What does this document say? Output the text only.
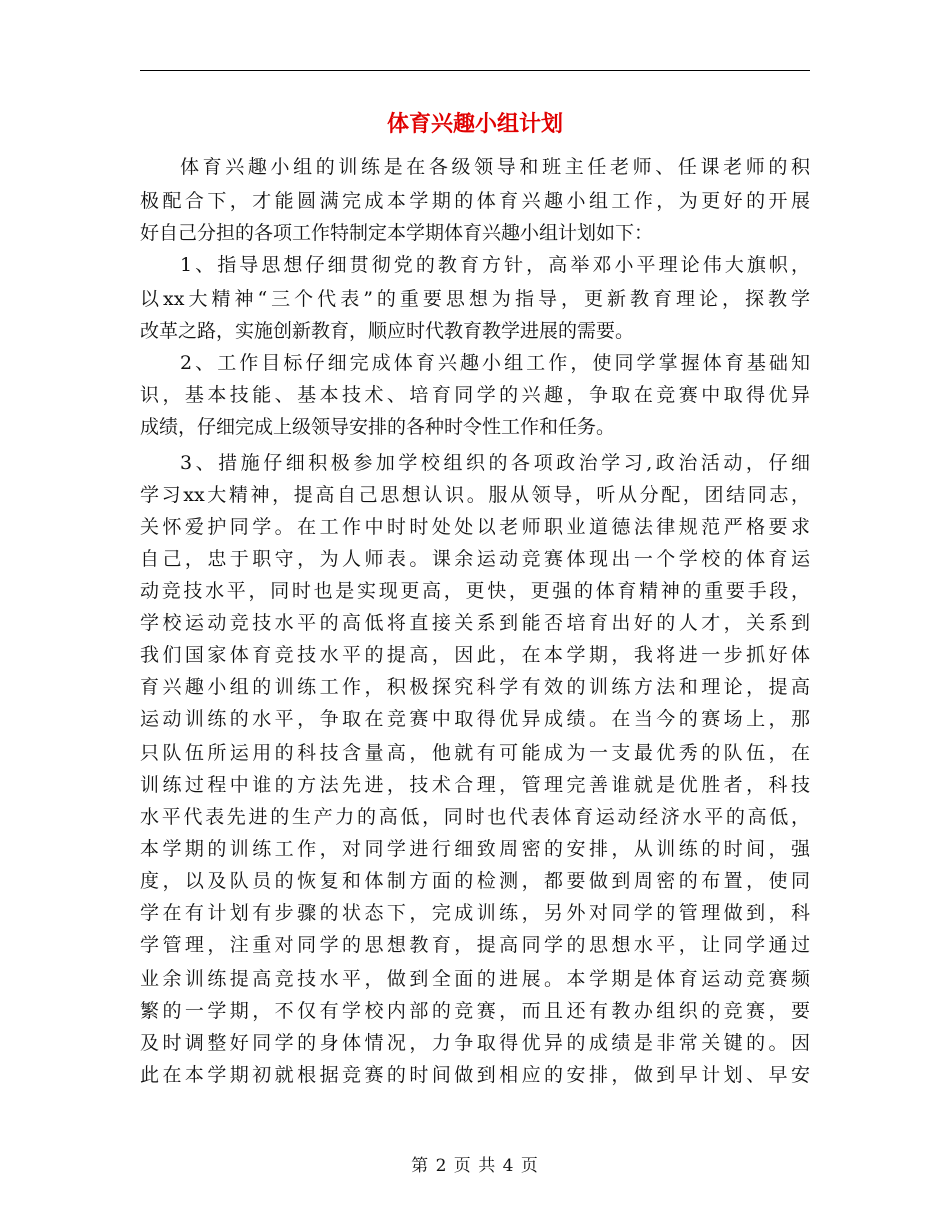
体育兴趣小组计划
体育兴趣小组的训练是在各级领导和班主任老师、任课老师的积
极配合下，才能圆满完成本学期的体育兴趣小组工作，为更好的开展
好自己分担的各项工作特制定本学期体育兴趣小组计划如下：
1、指导思想仔细贯彻党的教育方针，高举邓小平理论伟大旗帜，
以xx大精神“三个代表”的重要思想为指导，更新教育理论，探教学
改革之路，实施创新教育，顺应时代教育教学进展的需要。
2、工作目标仔细完成体育兴趣小组工作，使同学掌握体育基础知
识，基本技能、基本技术、培育同学的兴趣，争取在竞赛中取得优异
成绩，仔细完成上级领导安排的各种时令性工作和任务。
3、措施仔细积极参加学校组织的各项政治学习,政治活动，仔细
学习xx大精神，提高自己思想认识。服从领导，听从分配，团结同志，
关怀爱护同学。在工作中时时处处以老师职业道德法律规范严格要求
自己，忠于职守，为人师表。课余运动竞赛体现出一个学校的体育运
动竞技水平，同时也是实现更高，更快，更强的体育精神的重要手段，
学校运动竞技水平的高低将直接关系到能否培育出好的人才，关系到
我们国家体育竞技水平的提高，因此，在本学期，我将进一步抓好体
育兴趣小组的训练工作，积极探究科学有效的训练方法和理论，提高
运动训练的水平，争取在竞赛中取得优异成绩。在当今的赛场上，那
只队伍所运用的科技含量高，他就有可能成为一支最优秀的队伍，在
训练过程中谁的方法先进，技术合理，管理完善谁就是优胜者，科技
水平代表先进的生产力的高低，同时也代表体育运动经济水平的高低，
本学期的训练工作，对同学进行细致周密的安排，从训练的时间，强
度，以及队员的恢复和体制方面的检测，都要做到周密的布置，使同
学在有计划有步骤的状态下，完成训练，另外对同学的管理做到，科
学管理，注重对同学的思想教育，提高同学的思想水平，让同学通过
业余训练提高竞技水平，做到全面的进展。本学期是体育运动竞赛频
繁的一学期，不仅有学校内部的竞赛，而且还有教办组织的竞赛，要
及时调整好同学的身体情况，力争取得优异的成绩是非常关键的。因
此在本学期初就根据竞赛的时间做到相应的安排，做到早计划、早安
第 2 页 共 4 页
